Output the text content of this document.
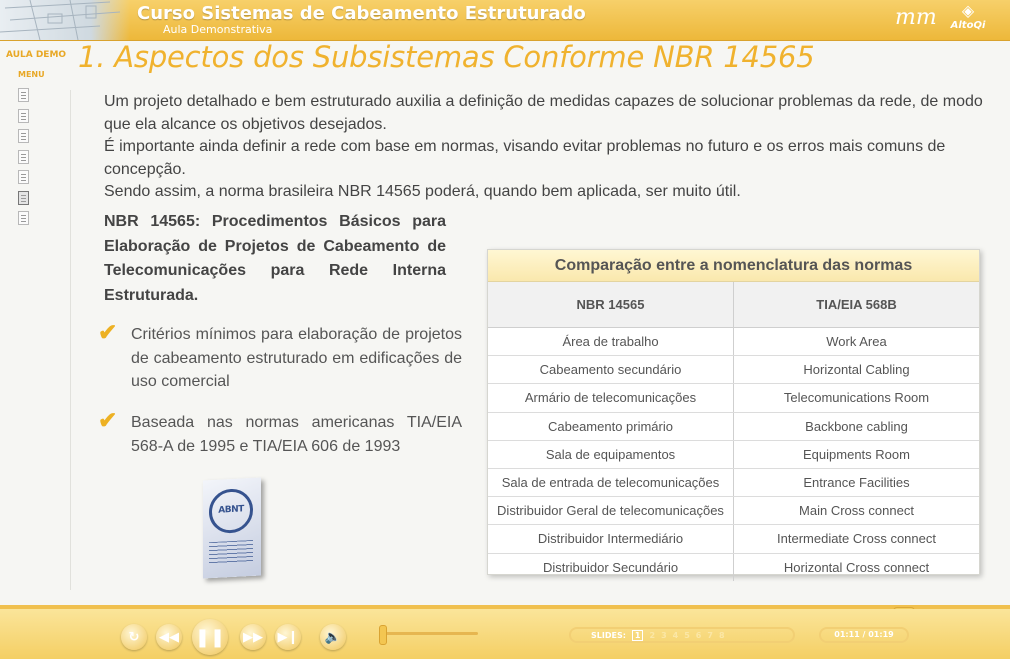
Curso Sistemas de Cabeamento Estruturado
Aula Demonstrativa	mm	◈
AltoQi
AULA DEMO
MENU
1. Aspectos dos Subsistemas Conforme NBR 14565

Um projeto detalhado e bem estruturado auxilia a definição de medidas capazes de solucionar problemas da rede, de modo que ela alcance os objetivos desejados.

É importante ainda definir a rede com base em normas, visando evitar problemas no futuro e os erros mais comuns de concepção.

Sendo assim, a norma brasileira NBR 14565 poderá, quando bem aplicada, ser muito útil.

NBR 14565: Procedimentos Básicos para Elaboração de Projetos de Cabeamento de Telecomunicações para Rede Interna Estruturada.
✔ Critérios mínimos para elaboração de projetos de cabeamento estruturado em edificações de uso comercial
✔ Baseada nas normas americanas TIA/EIA 568-A de 1995 e TIA/EIA 606 de 1993
ABNT
Comparação entre a nomenclatura das normas
NBR 14565	TIA/EIA 568B
Área de trabalho	Work Area
Cabeamento secundário	Horizontal Cabling
Armário de telecomunicações	Telecomunications Room
Cabeamento primário	Backbone cabling
Sala de equipamentos	Equipments Room
Sala de entrada de telecomunicações	Entrance Facilities
Distribuidor Geral de telecomunicações	Main Cross connect
Distribuidor Intermediário	Intermediate Cross connect
Distribuidor Secundário	Horizontal Cross connect
↻ ◀◀ ❚❚ ▶▶ ▶❙ 🔈	SLIDES:	1	2 3 4 5 6 7 8	01:11 / 01:19
